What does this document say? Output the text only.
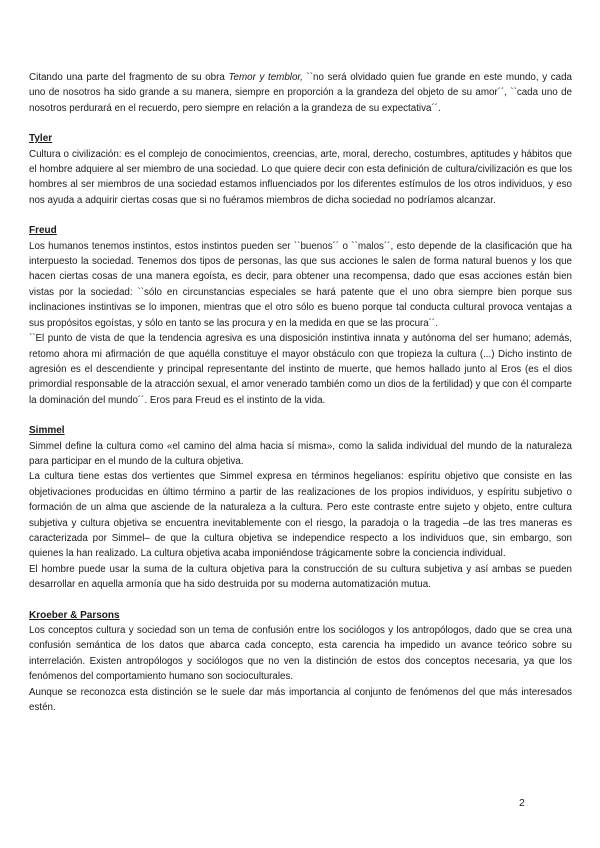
Citando una parte del fragmento de su obra Temor y temblor, ``no será olvidado quien fue grande en este mundo, y cada uno de nosotros ha sido grande a su manera, siempre en proporción a la grandeza del objeto de su amor´´, ``cada uno de nosotros perdurará en el recuerdo, pero siempre en relación a la grandeza de su expectativa´´.

Tyler

Cultura o civilización: es el complejo de conocimientos, creencias, arte, moral, derecho, costumbres, aptitudes y hábitos que el hombre adquiere al ser miembro de una sociedad. Lo que quiere decir con esta definición de cultura/civilización es que los hombres al ser miembros de una sociedad estamos influenciados por los diferentes estímulos de los otros individuos, y eso nos ayuda a adquirir ciertas cosas que si no fuéramos miembros de dicha sociedad no podríamos alcanzar.

Freud

Los humanos tenemos instintos, estos instintos pueden ser ``buenos´´ o ``malos´´, esto depende de la clasificación que ha interpuesto la sociedad. Tenemos dos tipos de personas, las que sus acciones le salen de forma natural buenos y los que hacen ciertas cosas de una manera egoísta, es decir, para obtener una recompensa, dado que esas acciones están bien vistas por la sociedad: ``sólo en circunstancias especiales se hará patente que el uno obra siempre bien porque sus inclinaciones instintivas se lo imponen, mientras que el otro sólo es bueno porque tal conducta cultural provoca ventajas a sus propósitos egoístas, y sólo en tanto se las procura y en la medida en que se las procura´´.

``El punto de vista de que la tendencia agresiva es una disposición instintiva innata y autónoma del ser humano; además, retomo ahora mi afirmación de que aquélla constituye el mayor obstáculo con que tropieza la cultura (...) Dicho instinto de agresión es el descendiente y principal representante del instinto de muerte, que hemos hallado junto al Eros (es el dios primordial responsable de la atracción sexual, el amor venerado también como un dios de la fertilidad) y que con él comparte la dominación del mundo´´. Eros para Freud es el instinto de la vida.

Simmel

Simmel define la cultura como «el camino del alma hacia sí misma», como la salida individual del mundo de la naturaleza para participar en el mundo de la cultura objetiva.

La cultura tiene estas dos vertientes que Simmel expresa en términos hegelianos: espíritu objetivo que consiste en las objetivaciones producidas en último término a partir de las realizaciones de los propios individuos, y espíritu subjetivo o formación de un alma que asciende de la naturaleza a la cultura. Pero este contraste entre sujeto y objeto, entre cultura subjetiva y cultura objetiva se encuentra inevitablemente con el riesgo, la paradoja o la tragedia –de las tres maneras es caracterizada por Simmel– de que la cultura objetiva se independice respecto a los individuos que, sin embargo, son quienes la han realizado. La cultura objetiva acaba imponiéndose trágicamente sobre la conciencia individual.

El hombre puede usar la suma de la cultura objetiva para la construcción de su cultura subjetiva y así ambas se pueden desarrollar en aquella armonía que ha sido destruida por su moderna automatización mutua.

Kroeber & Parsons

Los conceptos cultura y sociedad son un tema de confusión entre los sociólogos y los antropólogos, dado que se crea una confusión semántica de los datos que abarca cada concepto, esta carencia ha impedido un avance teórico sobre su interrelación. Existen antropólogos y sociólogos que no ven la distinción de estos dos conceptos necesaria, ya que los fenómenos del comportamiento humano son socioculturales.

Aunque se reconozca esta distinción se le suele dar más importancia al conjunto de fenómenos del que más interesados estén.

2
